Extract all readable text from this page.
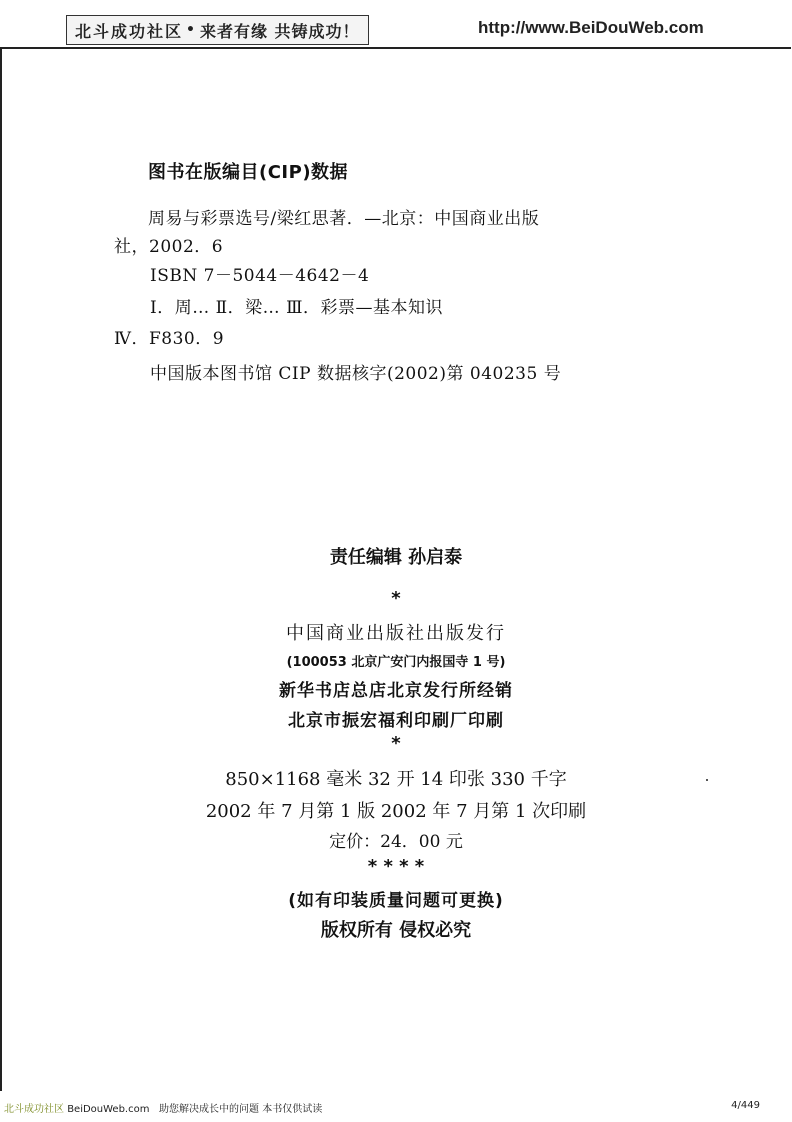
北斗成功社区 • 来者有缘 共铸成功！	http://www.BeiDouWeb.com
图书在版编目(CIP)数据
周易与彩票选号/梁红思著．—北京：中国商业出版
社，2002．6
ISBN 7－5044－4642－4
Ⅰ．周… Ⅱ．梁… Ⅲ．彩票—基本知识
Ⅳ．F830．9
中国版本图书馆 CIP 数据核字(2002)第 040235 号
责任编辑 孙启泰
*
中国商业出版社出版发行
(100053 北京广安门内报国寺 1 号)
新华书店总店北京发行所经销
北京市振宏福利印刷厂印刷
*
850×1168 毫米 32 开 14 印张 330 千字
2002 年 7 月第 1 版 2002 年 7 月第 1 次印刷
定价：24．00 元
* * * *
(如有印装质量问题可更换)
版权所有 侵权必究
北斗成功社区 BeiDouWeb.com 助您解决成长中的问题 本书仅供试读	4/449
